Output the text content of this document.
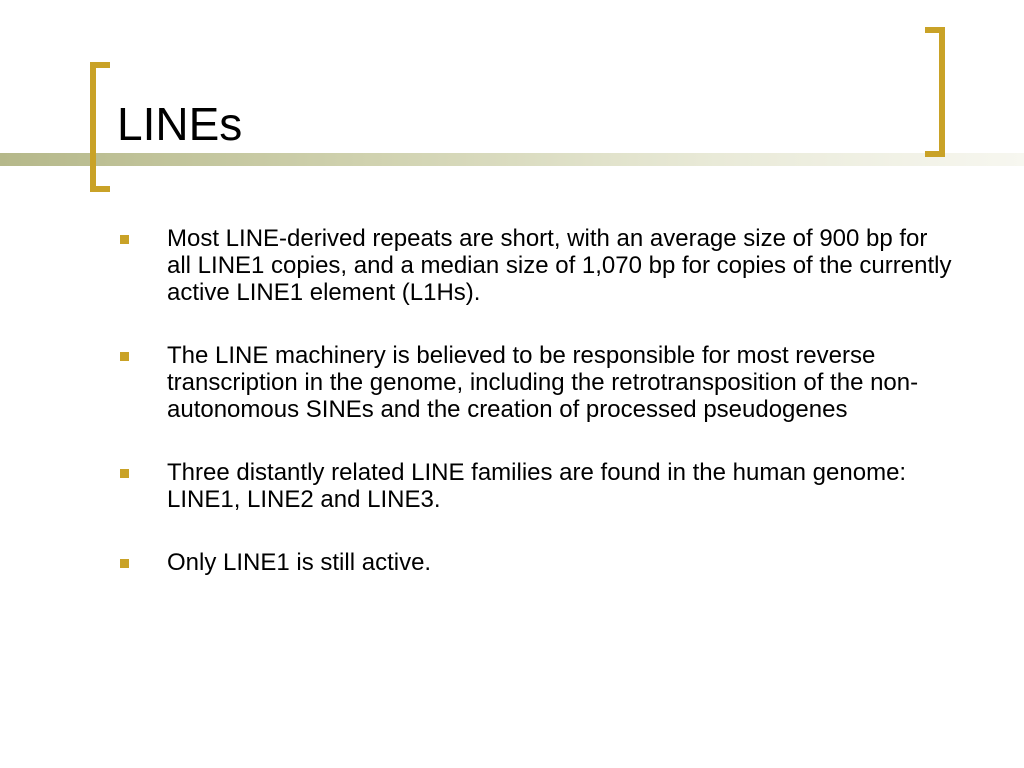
LINEs
Most LINE-derived repeats are short, with an average size of 900 bp for all LINE1 copies, and a median size of 1,070 bp for copies of the currently active LINE1 element (L1Hs).
The LINE machinery is believed to be responsible for most reverse transcription in the genome, including the retrotransposition of the non-autonomous SINEs and the creation of processed pseudogenes
Three distantly related LINE families are found in the human genome: LINE1, LINE2 and LINE3.
Only LINE1 is still active.
